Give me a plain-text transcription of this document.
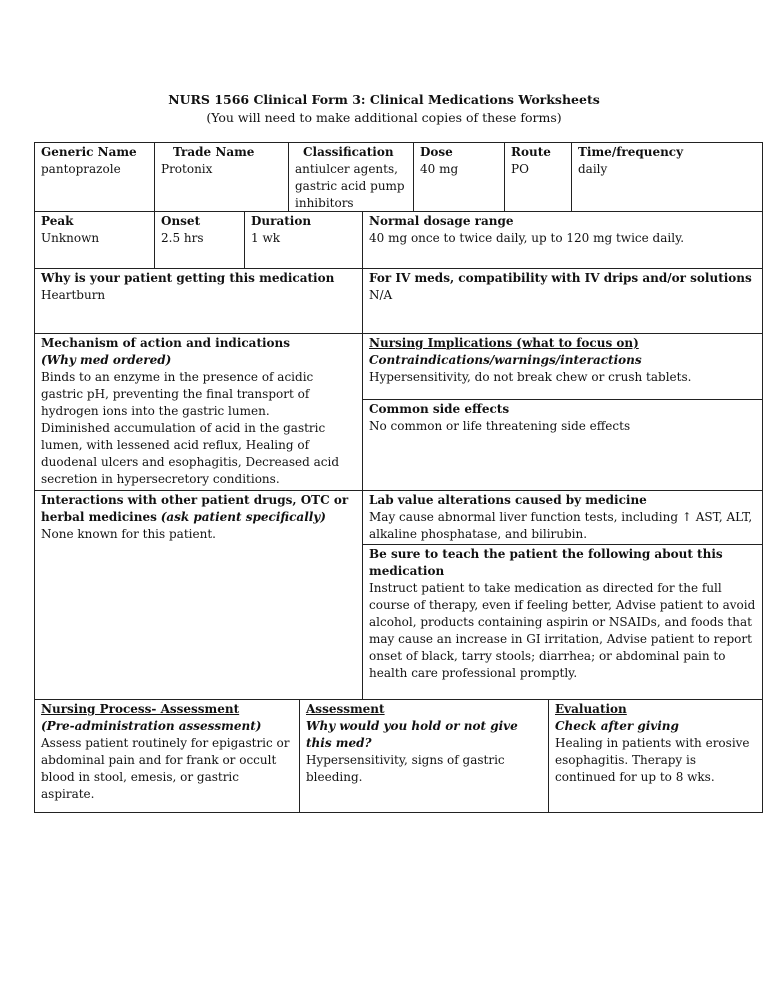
NURS 1566 Clinical Form 3: Clinical Medications Worksheets
(You will need to make additional copies of these forms)
Generic Name
pantoprazole
Trade Name
Protonix
Classification
antiulcer agents, gastric acid pump inhibitors
Dose
40 mg
Route
PO
Time/frequency
daily
Peak
Unknown
Onset
2.5 hrs
Duration
1 wk
Normal dosage range
40 mg once to twice daily, up to 120 mg twice daily.
Why is your patient getting this medication
Heartburn
For IV meds, compatibility with IV drips and/or solutions
N/A
Mechanism of action and indications
(Why med ordered)
Binds to an enzyme in the presence of acidic gastric pH, preventing the final transport of hydrogen ions into the gastric lumen.
Diminished accumulation of acid in the gastric lumen, with lessened acid reflux, Healing of duodenal ulcers and esophagitis, Decreased acid secretion in hypersecretory conditions.
Nursing Implications (what to focus on)
Contraindications/warnings/interactions
Hypersensitivity, do not break chew or crush tablets.
Common side effects
No common or life threatening side effects
Interactions with other patient drugs, OTC or
herbal medicines (ask patient specifically)
None known for this patient.
Lab value alterations caused by medicine
May cause abnormal liver function tests, including ↑ AST, ALT, alkaline phosphatase, and bilirubin.
Be sure to teach the patient the following about this medication
Instruct patient to take medication as directed for the full course of therapy, even if feeling better, Advise patient to avoid alcohol, products containing aspirin or NSAIDs, and foods that may cause an increase in GI irritation, Advise patient to report onset of black, tarry stools; diarrhea; or abdominal pain to health care professional promptly.
Nursing Process- Assessment
(Pre-administration assessment)
Assess patient routinely for epigastric or abdominal pain and for frank or occult blood in stool, emesis, or gastric aspirate.
Assessment
Why would you hold or not give this med?
Hypersensitivity, signs of gastric bleeding.
Evaluation
Check after giving
Healing in patients with erosive esophagitis. Therapy is continued for up to 8 wks.
